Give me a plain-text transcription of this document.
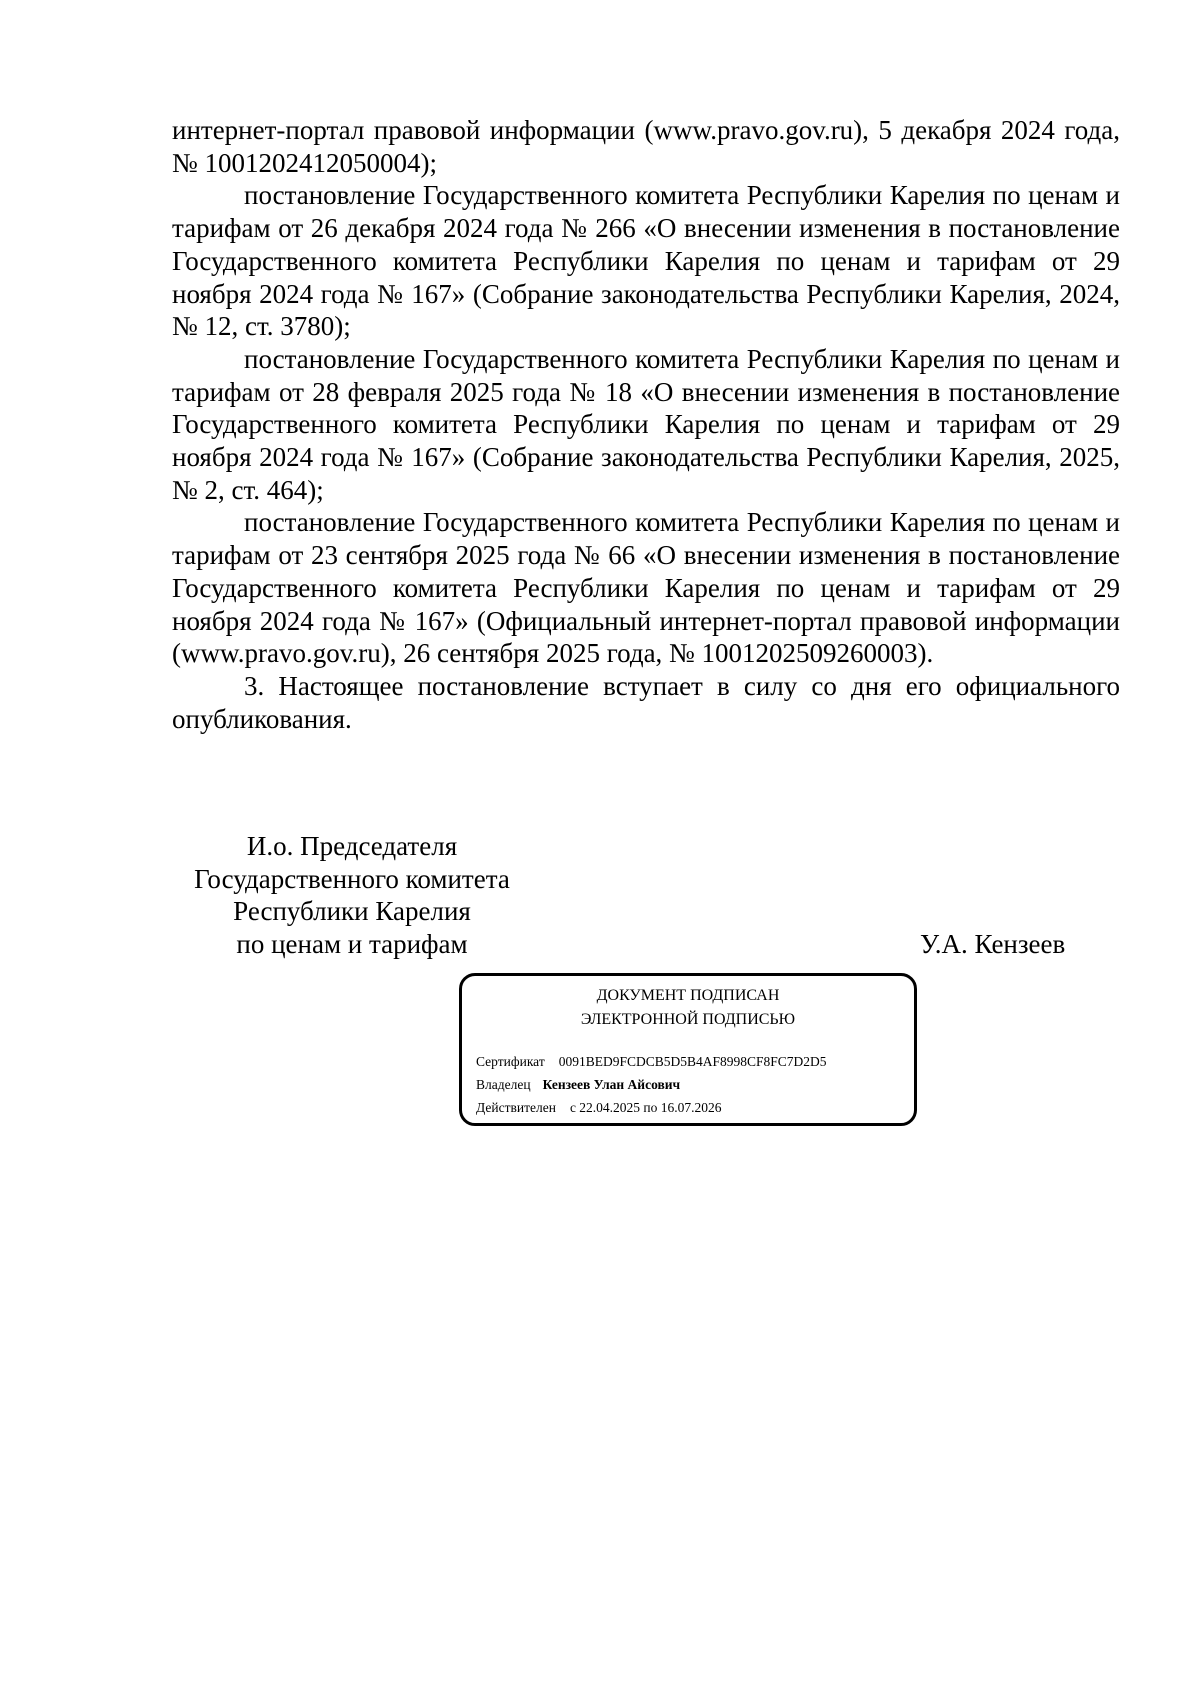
интернет-портал правовой информации (www.pravo.gov.ru), 5 декабря 2024 года, № 1001202412050004);

постановление Государственного комитета Республики Карелия по ценам и тарифам от 26 декабря 2024 года № 266 «О внесении изменения в постановление Государственного комитета Республики Карелия по ценам и тарифам от 29 ноября 2024 года № 167» (Собрание законодательства Республики Карелия, 2024, № 12, ст. 3780);

постановление Государственного комитета Республики Карелия по ценам и тарифам от 28 февраля 2025 года № 18 «О внесении изменения в постановление Государственного комитета Республики Карелия по ценам и тарифам от 29 ноября 2024 года № 167» (Собрание законодательства Республики Карелия, 2025, № 2, ст. 464);

постановление Государственного комитета Республики Карелия по ценам и тарифам от 23 сентября 2025 года № 66 «О внесении изменения в постановление Государственного комитета Республики Карелия по ценам и тарифам от 29 ноября 2024 года № 167» (Официальный интернет-портал правовой информации (www.pravo.gov.ru), 26 сентября 2025 года, № 1001202509260003).

3. Настоящее постановление вступает в силу со дня его официального опубликования.

И.о. Председателя
Государственного комитета
Республики Карелия
по ценам и тарифам	У.А. Кензеев
ДОКУМЕНТ ПОДПИСАН
ЭЛЕКТРОННОЙ ПОДПИСЬЮ
Сертификат 0091BED9FCDCB5D5B4AF8998CF8FC7D2D5
Владелец Кензеев Улан Айсович
Действителен с 22.04.2025 по 16.07.2026
